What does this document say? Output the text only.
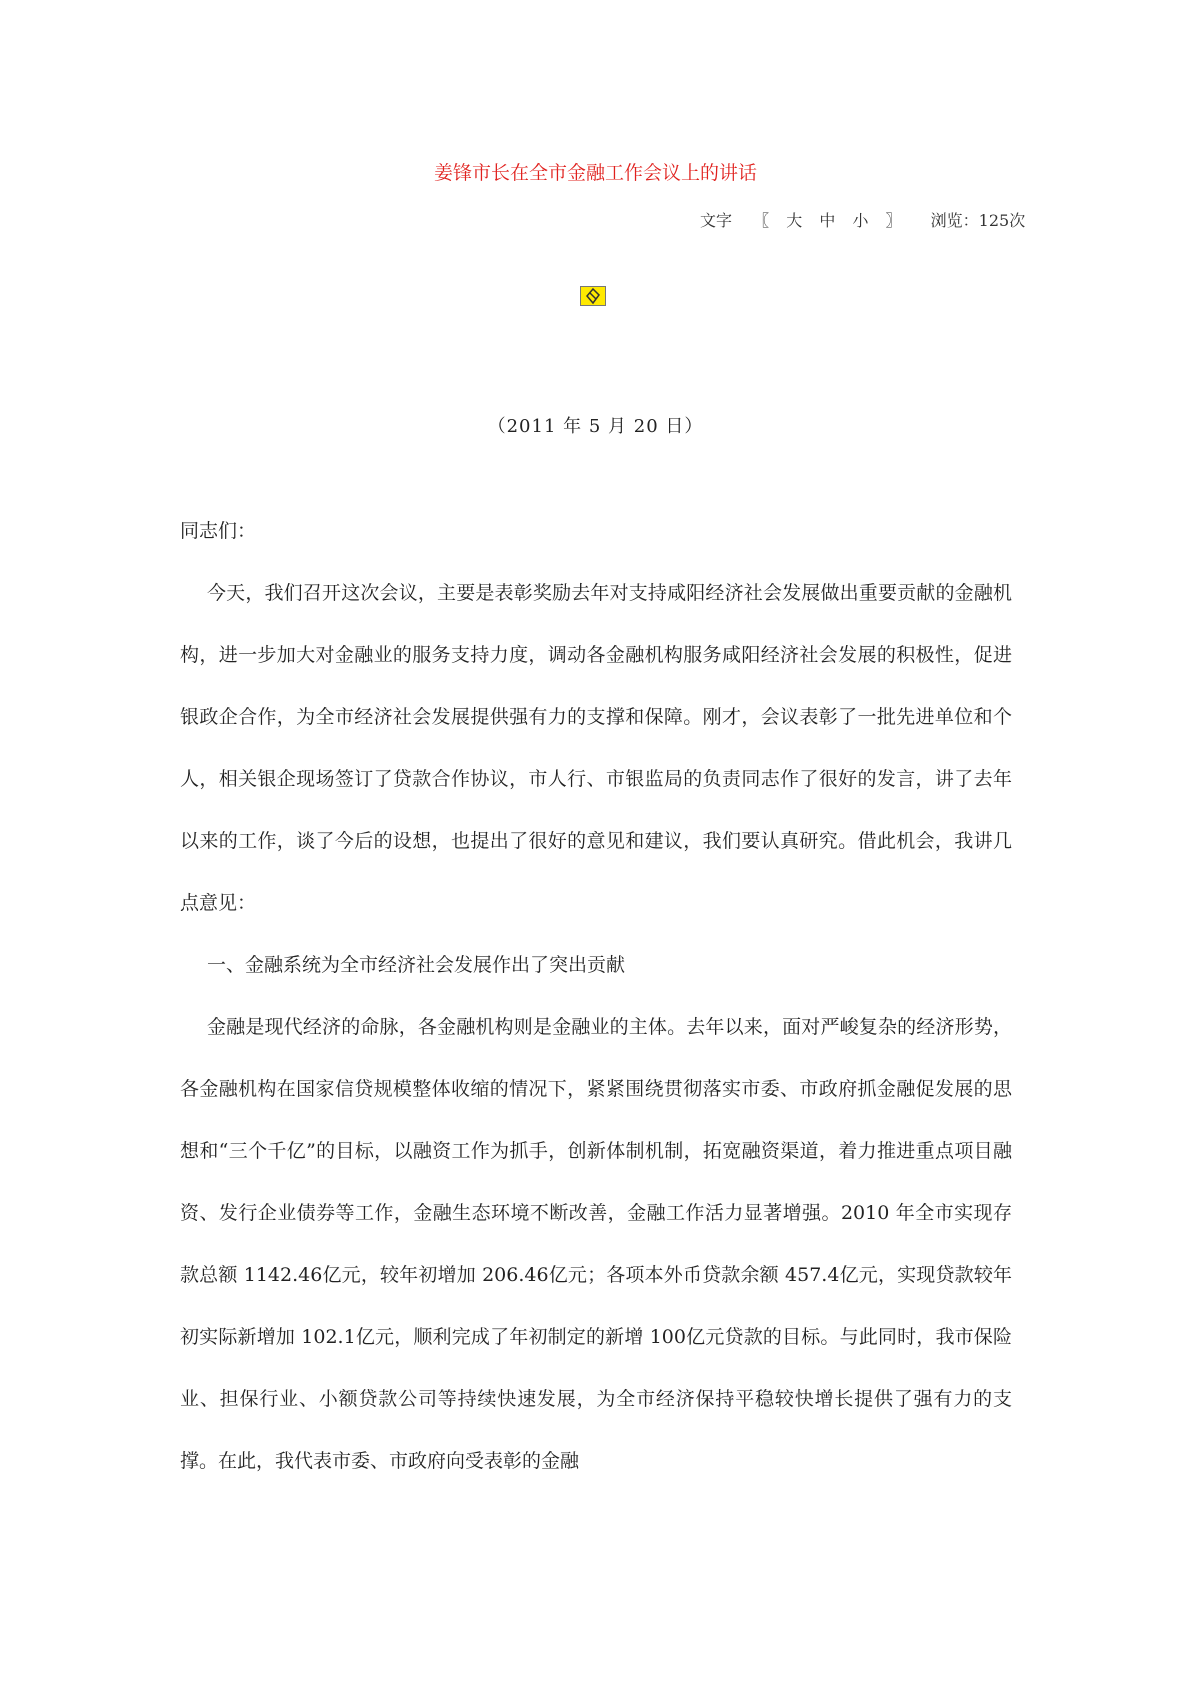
姜锋市长在全市金融工作会议上的讲话
文字 〖 大 中 小 〗 浏览：125次
（2011 年 5 月 20 日）

同志们：

今天，我们召开这次会议，主要是表彰奖励去年对支持咸阳经济社会发展做出重要贡献的金融机构，进一步加大对金融业的服务支持力度，调动各金融机构服务咸阳经济社会发展的积极性，促进银政企合作，为全市经济社会发展提供强有力的支撑和保障。刚才，会议表彰了一批先进单位和个人，相关银企现场签订了贷款合作协议，市人行、市银监局的负责同志作了很好的发言，讲了去年以来的工作，谈了今后的设想，也提出了很好的意见和建议，我们要认真研究。借此机会，我讲几点意见：

一、金融系统为全市经济社会发展作出了突出贡献

金融是现代经济的命脉，各金融机构则是金融业的主体。去年以来，面对严峻复杂的经济形势，各金融机构在国家信贷规模整体收缩的情况下，紧紧围绕贯彻落实市委、市政府抓金融促发展的思想和“三个千亿”的目标，以融资工作为抓手，创新体制机制，拓宽融资渠道，着力推进重点项目融资、发行企业债券等工作，金融生态环境不断改善，金融工作活力显著增强。2010 年全市实现存款总额 1142.46亿元，较年初增加 206.46亿元；各项本外币贷款余额 457.4亿元，实现贷款较年初实际新增加 102.1亿元，顺利完成了年初制定的新增 100亿元贷款的目标。与此同时，我市保险业、担保行业、小额贷款公司等持续快速发展，为全市经济保持平稳较快增长提供了强有力的支撑。在此，我代表市委、市政府向受表彰的金融
